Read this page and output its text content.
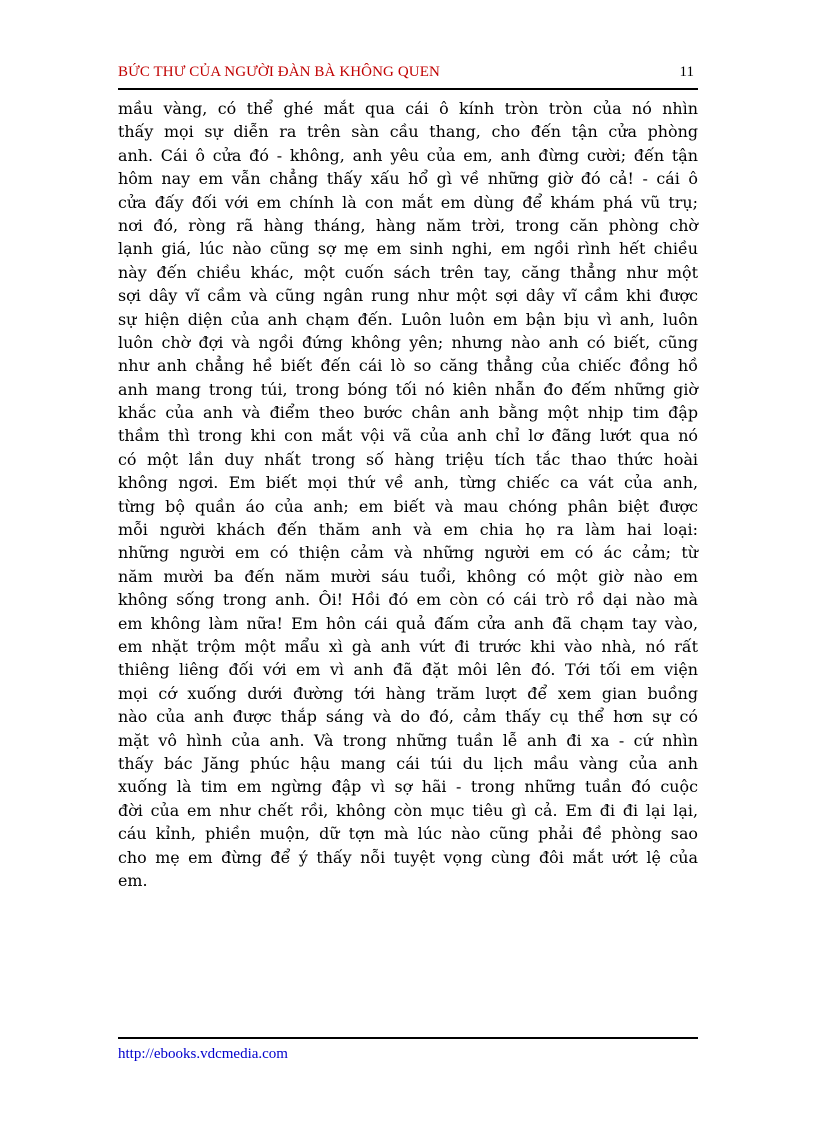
BỨC THƯ CỦA NGƯỜI ĐÀN BÀ KHÔNG QUEN	11
mầu vàng, có thể ghé mắt qua cái ô kính tròn tròn của nó nhìn
thấy mọi sự diễn ra trên sàn cầu thang, cho đến tận cửa phòng
anh. Cái ô cửa đó - không, anh yêu của em, anh đừng cười; đến tận
hôm nay em vẫn chẳng thấy xấu hổ gì về những giờ đó cả! - cái ô
cửa đấy đối với em chính là con mắt em dùng để khám phá vũ trụ;
nơi đó, ròng rã hàng tháng, hàng năm trời, trong căn phòng chờ
lạnh giá, lúc nào cũng sợ mẹ em sinh nghi, em ngồi rình hết chiều
này đến chiều khác, một cuốn sách trên tay, căng thẳng như một
sợi dây vĩ cầm và cũng ngân rung như một sợi dây vĩ cầm khi được
sự hiện diện của anh chạm đến. Luôn luôn em bận bịu vì anh, luôn
luôn chờ đợi và ngồi đứng không yên; nhưng nào anh có biết, cũng
như anh chẳng hề biết đến cái lò so căng thẳng của chiếc đồng hồ
anh mang trong túi, trong bóng tối nó kiên nhẫn đo đếm những giờ
khắc của anh và điểm theo bước chân anh bằng một nhịp tim đập
thầm thì trong khi con mắt vội vã của anh chỉ lơ đãng lướt qua nó
có một lần duy nhất trong số hàng triệu tích tắc thao thức hoài
không ngơi. Em biết mọi thứ về anh, từng chiếc ca vát của anh,
từng bộ quần áo của anh; em biết và mau chóng phân biệt được
mỗi người khách đến thăm anh và em chia họ ra làm hai loại:
những người em có thiện cảm và những người em có ác cảm; từ
năm mười ba đến năm mười sáu tuổi, không có một giờ nào em
không sống trong anh. Ôi! Hồi đó em còn có cái trò rồ dại nào mà
em không làm nữa! Em hôn cái quả đấm cửa anh đã chạm tay vào,
em nhặt trộm một mẩu xì gà anh vứt đi trước khi vào nhà, nó rất
thiêng liêng đối với em vì anh đã đặt môi lên đó. Tới tối em viện
mọi cớ xuống dưới đường tới hàng trăm lượt để xem gian buồng
nào của anh được thắp sáng và do đó, cảm thấy cụ thể hơn sự có
mặt vô hình của anh. Và trong những tuần lễ anh đi xa - cứ nhìn
thấy bác Jăng phúc hậu mang cái túi du lịch mầu vàng của anh
xuống là tim em ngừng đập vì sợ hãi - trong những tuần đó cuộc
đời của em như chết rồi, không còn mục tiêu gì cả. Em đi đi lại lại,
cáu kỉnh, phiền muộn, dữ tợn mà lúc nào cũng phải đề phòng sao
cho mẹ em đừng để ý thấy nỗi tuyệt vọng cùng đôi mắt ướt lệ của
em.
http://ebooks.vdcmedia.com
